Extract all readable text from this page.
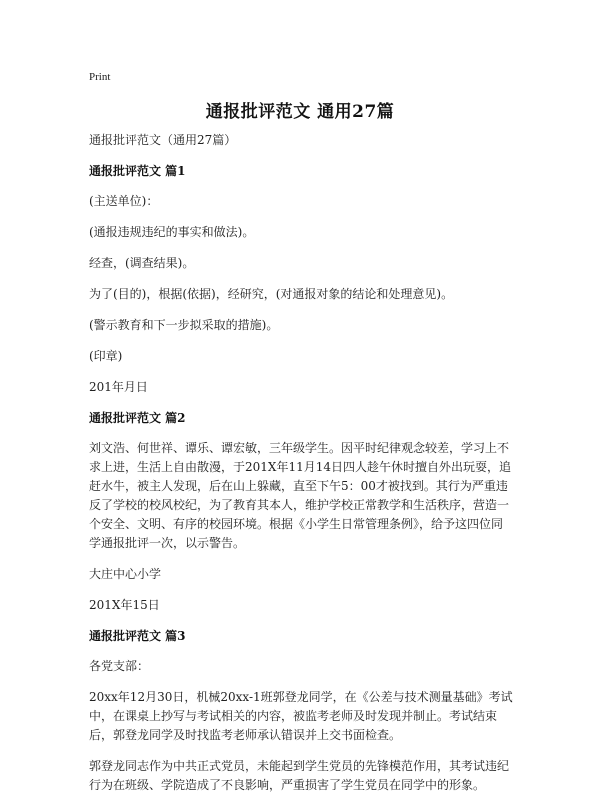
Print
通报批评范文 通用27篇

通报批评范文（通用27篇）

通报批评范文 篇1

(主送单位)：

(通报违规违纪的事实和做法)。

经查，(调查结果)。

为了(目的)，根据(依据)，经研究，(对通报对象的结论和处理意见)。

(警示教育和下一步拟采取的措施)。

(印章)

201年月日

通报批评范文 篇2

刘文浩、何世祥、谭乐、谭宏敏，三年级学生。因平时纪律观念较差，学习上不求上进，生活上自由散漫，于201X年11月14日四人趁午休时擅自外出玩耍，追赶水牛，被主人发现，后在山上躲藏，直至下午5：00才被找到。其行为严重违反了学校的校风校纪，为了教育其本人，维护学校正常教学和生活秩序，营造一个安全、文明、有序的校园环境。根据《小学生日常管理条例》，给予这四位同学通报批评一次，以示警告。

大庄中心小学

201X年15日

通报批评范文 篇3

各党支部：

20xx年12月30日，机械20xx-1班郭登龙同学，在《公差与技术测量基础》考试中，在课桌上抄写与考试相关的内容，被监考老师及时发现并制止。考试结束后，郭登龙同学及时找监考老师承认错误并上交书面检查。

郭登龙同志作为中共正式党员，未能起到学生党员的先锋模范作用，其考试违纪行为在班级、学院造成了不良影响，严重损害了学生党员在同学中的形象。
